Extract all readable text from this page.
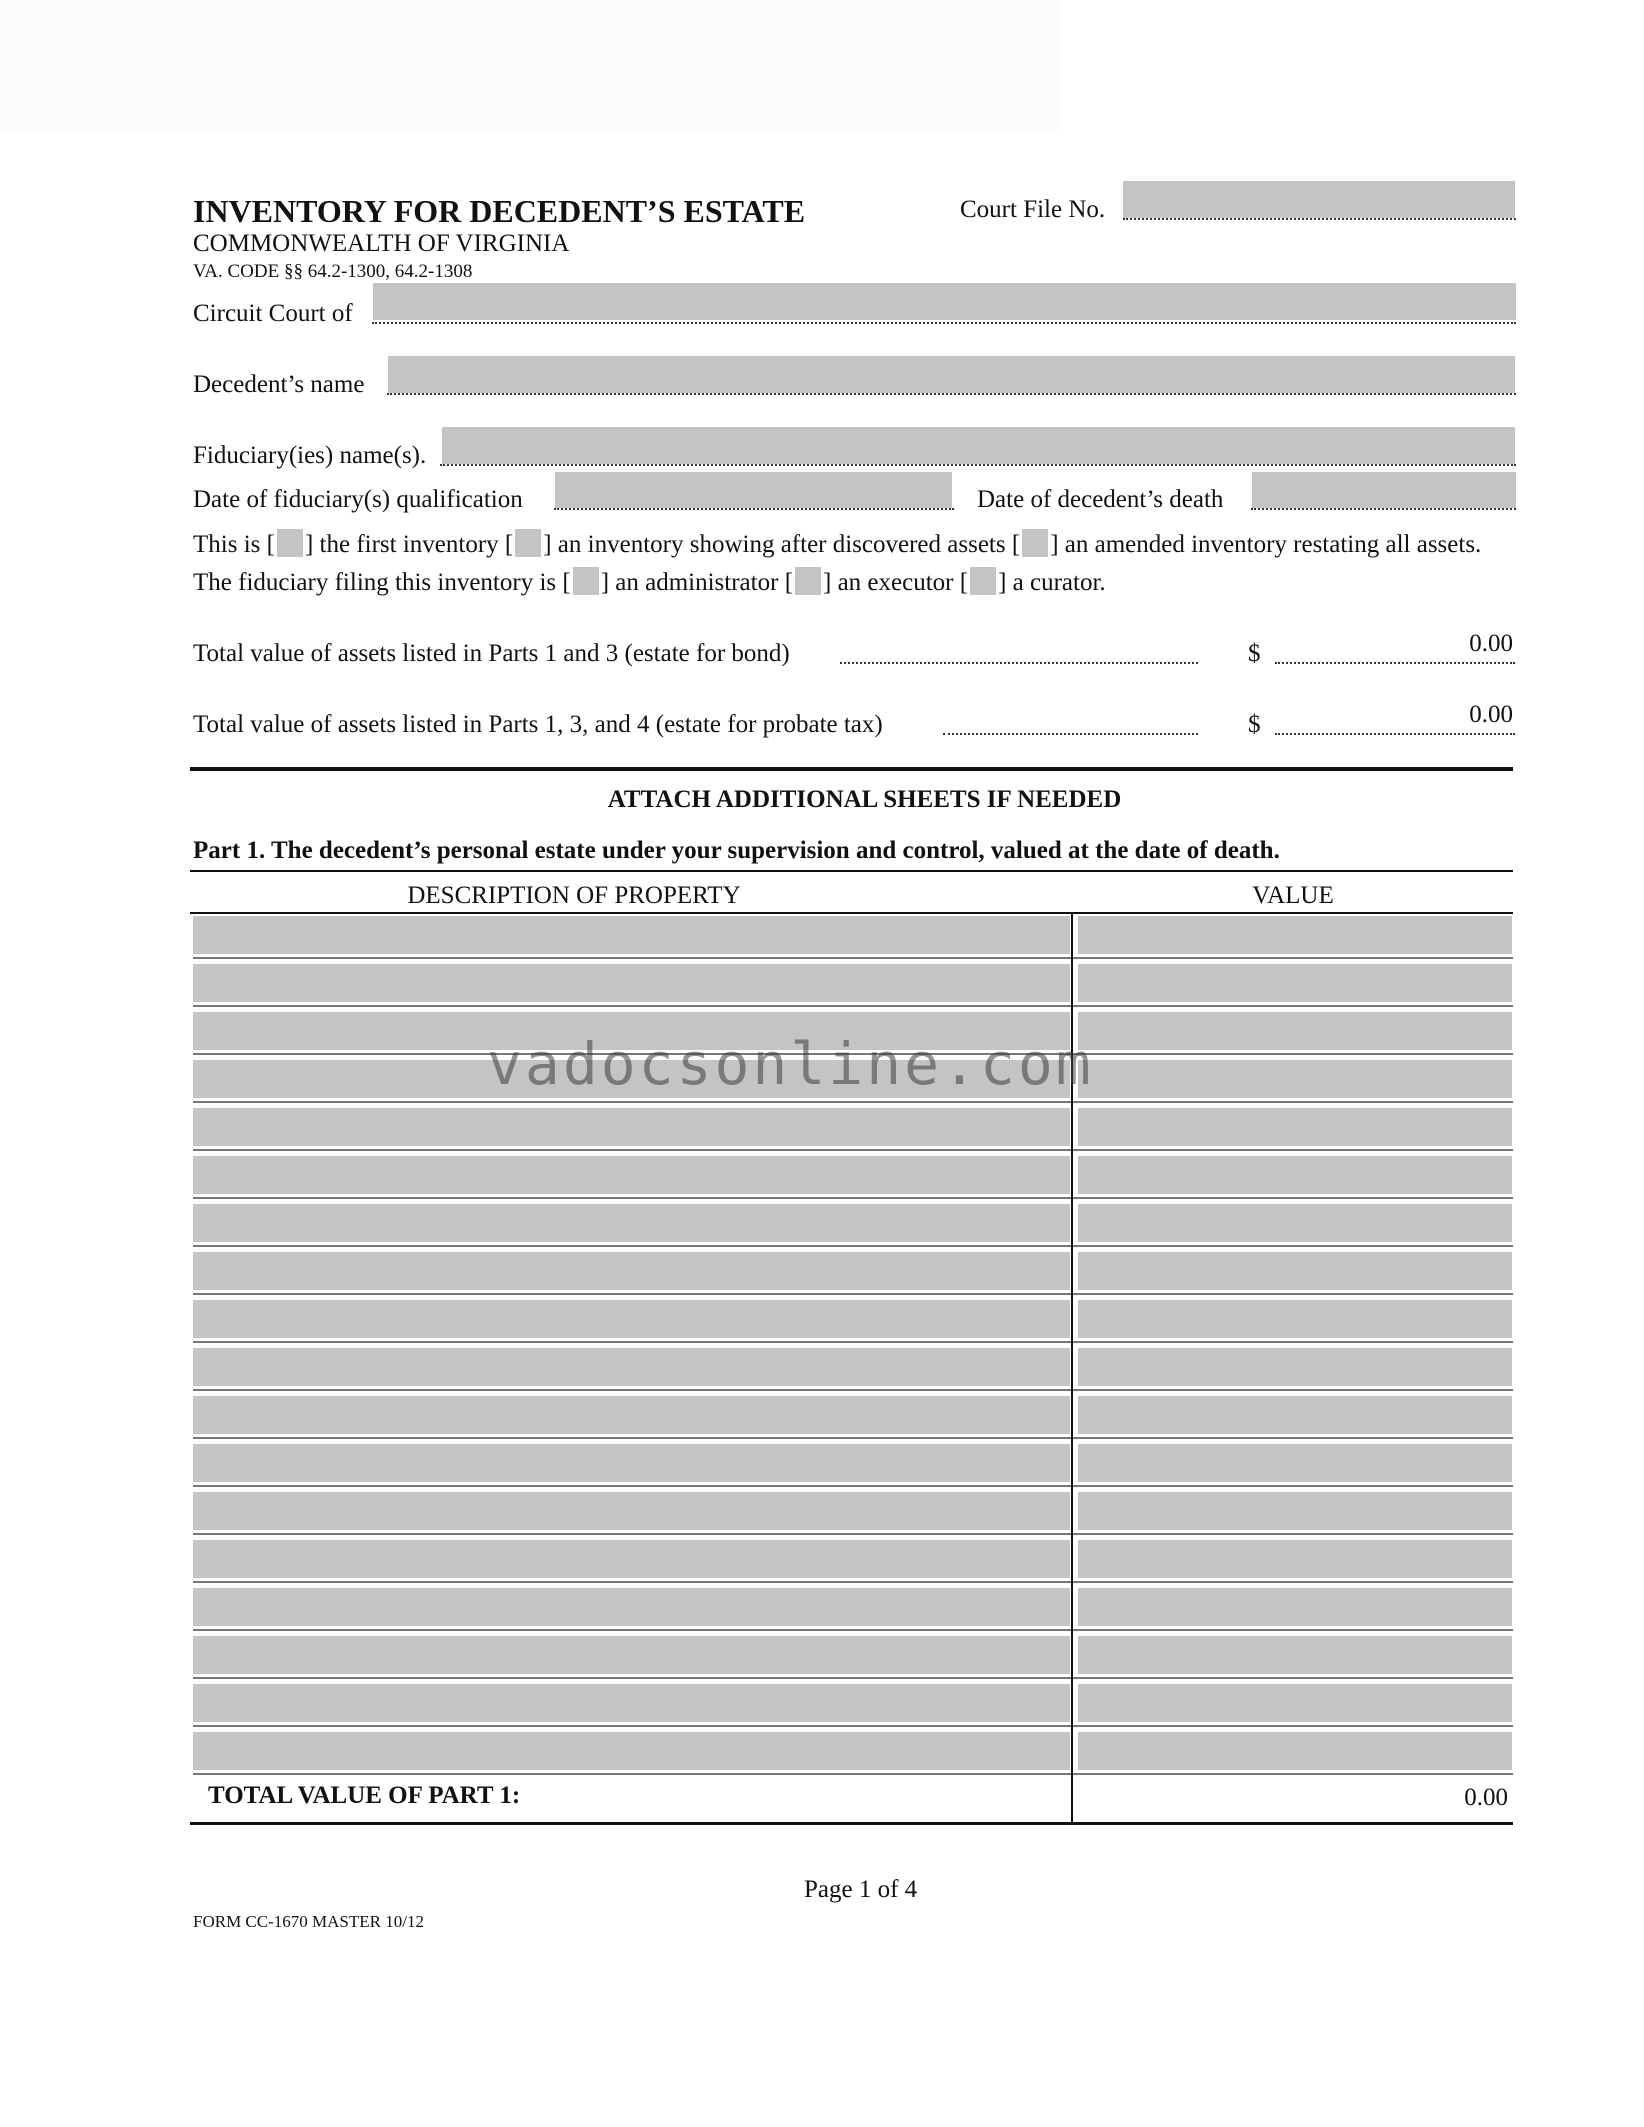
INVENTORY FOR DECEDENT’S ESTATE
COMMONWEALTH OF VIRGINIA
VA. CODE §§ 64.2-1300, 64.2-1308
Court File No.
Circuit Court of
Decedent’s name
Fiduciary(ies) name(s).
Date of fiduciary(s) qualification	Date of decedent’s death
This is [ ] the first inventory [ ] an inventory showing after discovered assets [ ] an amended inventory restating all assets.
The fiduciary filing this inventory is [ ] an administrator [ ] an executor [ ] a curator.
Total value of assets listed in Parts 1 and 3 (estate for bond)	$	0.00
Total value of assets listed in Parts 1, 3, and 4 (estate for probate tax)	$	0.00
ATTACH ADDITIONAL SHEETS IF NEEDED
Part 1. The decedent’s personal estate under your supervision and control, valued at the date of death.
DESCRIPTION OF PROPERTY	VALUE
TOTAL VALUE OF PART 1:	0.00
vadocsonline.com
Page 1 of 4
FORM CC-1670 MASTER 10/12
